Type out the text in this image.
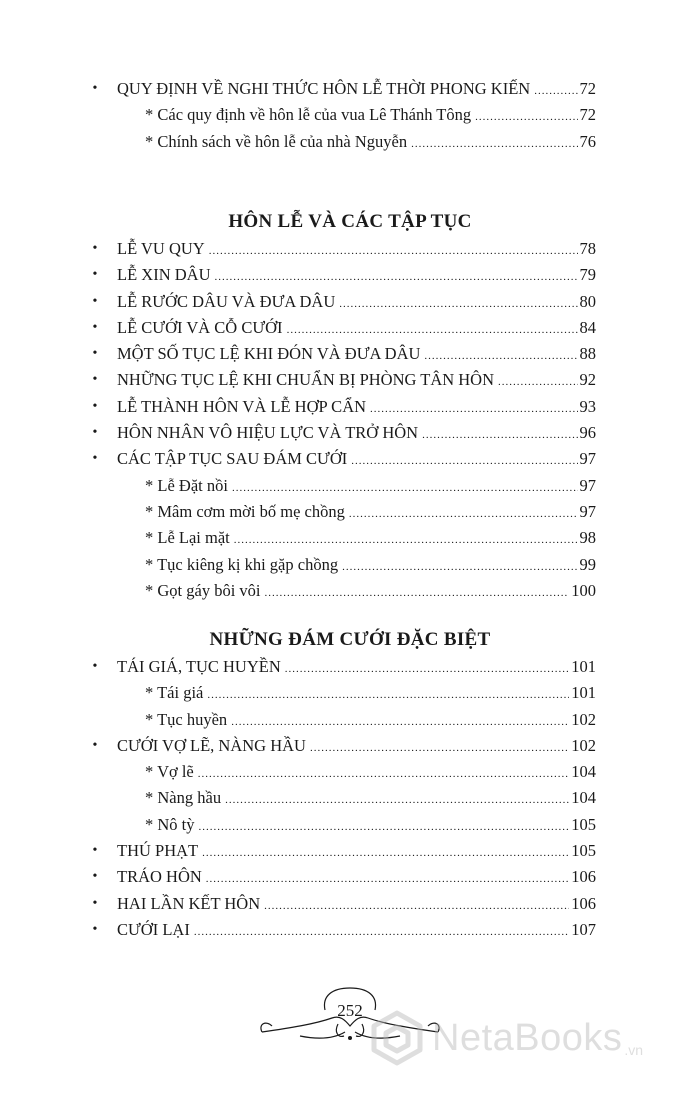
• QUY ĐỊNH VỀ NGHI THỨC HÔN LỄ THỜI PHONG KIẾN .....	72
* Các quy định về hôn lễ của vua Lê Thánh Tông .....	72
* Chính sách về hôn lễ của nhà Nguyễn .....	76
HÔN LỄ VÀ CÁC TẬP TỤC
• LỄ VU QUY .....	78
• LỄ XIN DÂU .....	79
• LỄ RƯỚC DÂU VÀ ĐƯA DÂU .....	80
• LỄ CƯỚI VÀ CỖ CƯỚI .....	84
• MỘT SỐ TỤC LỆ KHI ĐÓN VÀ ĐƯA DÂU .....	88
• NHỮNG TỤC LỆ KHI CHUẨN BỊ PHÒNG TÂN HÔN .....	92
• LỄ THÀNH HÔN VÀ LỄ HỢP CẨN .....	93
• HÔN NHÂN VÔ HIỆU LỰC VÀ TRỞ HÔN .....	96
• CÁC TẬP TỤC SAU ĐÁM CƯỚI .....	97
* Lễ Đặt nồi .....	97
* Mâm cơm mời bố mẹ chồng .....	97
* Lễ Lại mặt .....	98
* Tục kiêng kị khi gặp chồng .....	99
* Gọt gáy bôi vôi .....	100
NHỮNG ĐÁM CƯỚI ĐẶC BIỆT
• TÁI GIÁ, TỤC HUYỀN .....	101
* Tái giá .....	101
* Tục huyền .....	102
• CƯỚI VỢ LẼ, NÀNG HẦU .....	102
* Vợ lẽ .....	104
* Nàng hầu .....	104
* Nô tỳ .....	105
• THÚ PHẠT .....	105
• TRÁO HÔN .....	106
• HAI LẦN KẾT HÔN .....	106
• CƯỚI LẠI .....	107
252
NetaBooks .vn
